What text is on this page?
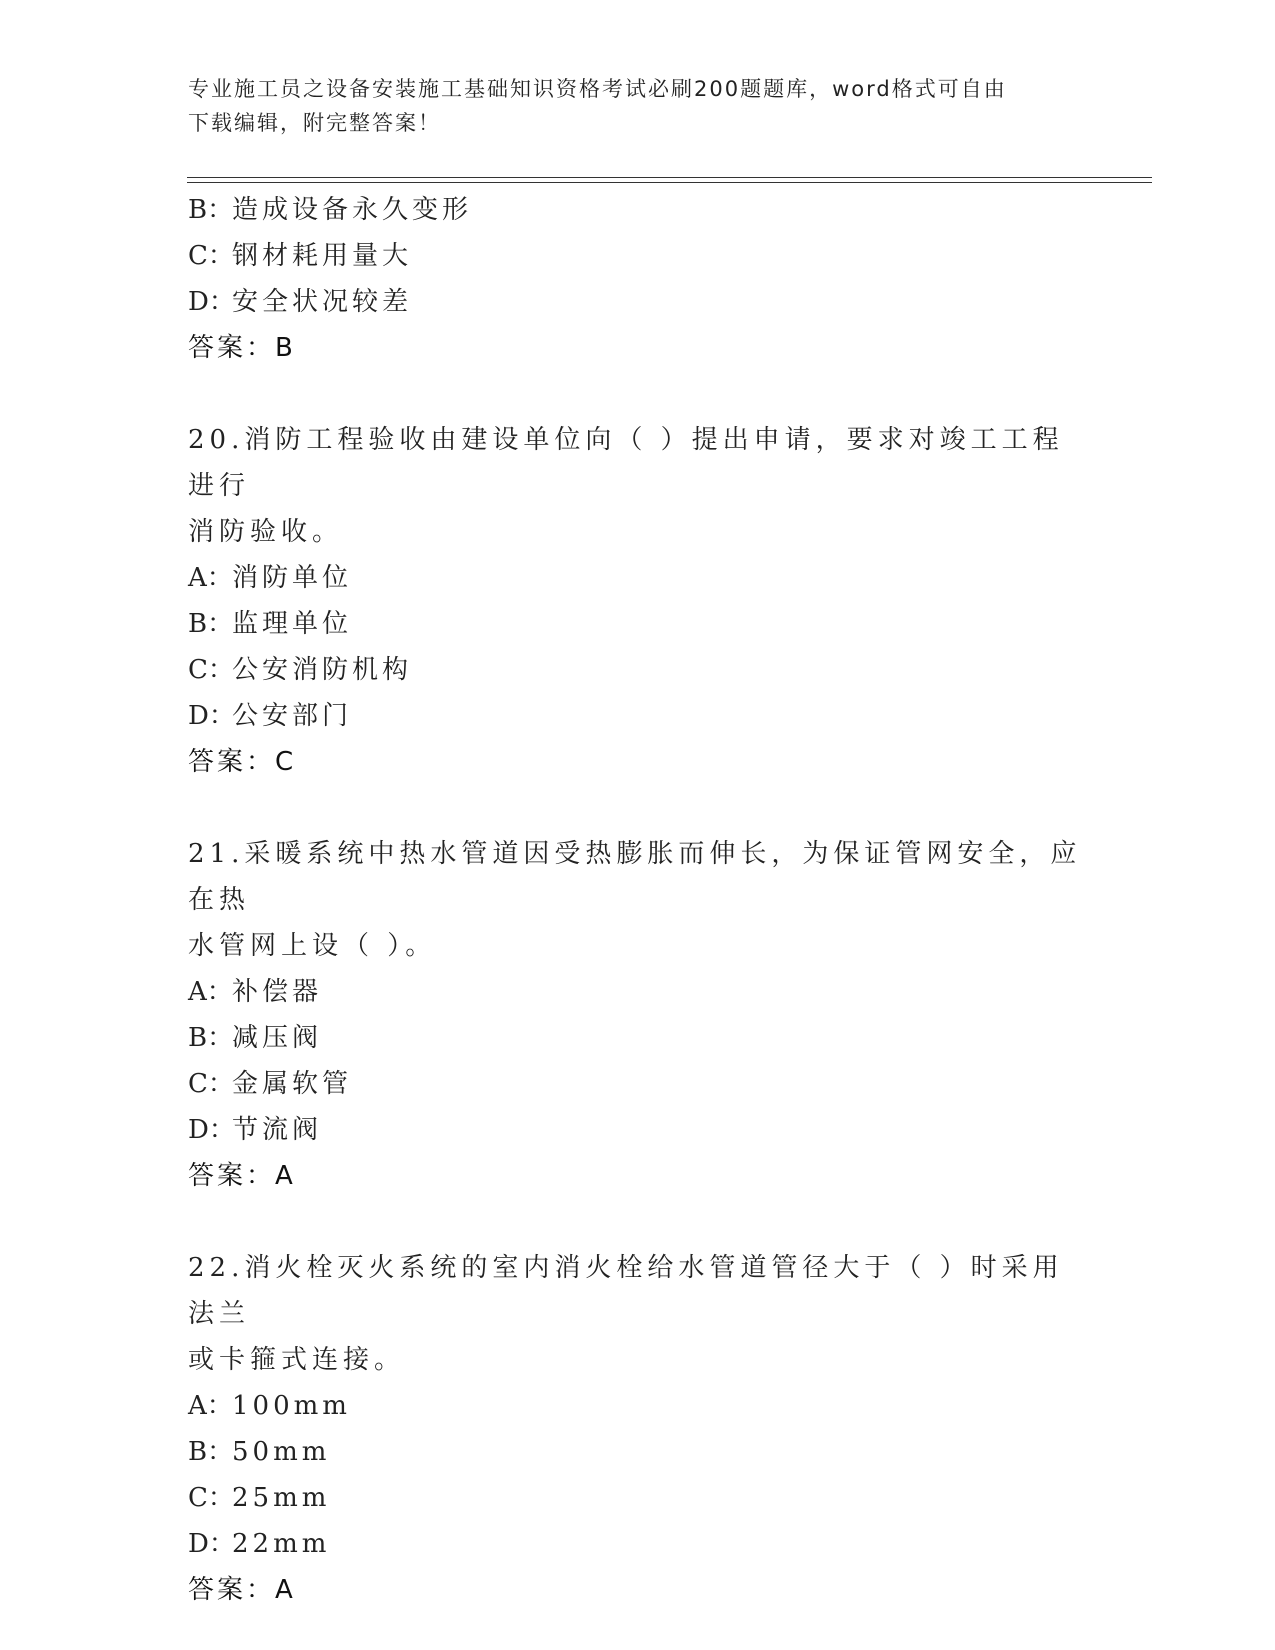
专业施工员之设备安装施工基础知识资格考试必刷200题题库，word格式可自由
下载编辑，附完整答案！
B：造成设备永久变形
C：钢材耗用量大
D：安全状况较差
答案：B
20.消防工程验收由建设单位向（ ）提出申请，要求对竣工工程进行
消防验收。
A：消防单位
B：监理单位
C：公安消防机构
D：公安部门
答案：C
21.采暖系统中热水管道因受热膨胀而伸长，为保证管网安全，应在热
水管网上设（ ）。
A：补偿器
B：减压阀
C：金属软管
D：节流阀
答案：A
22.消火栓灭火系统的室内消火栓给水管道管径大于（ ）时采用法兰
或卡箍式连接。
A：100mm
B：50mm
C：25mm
D：22mm
答案：A
